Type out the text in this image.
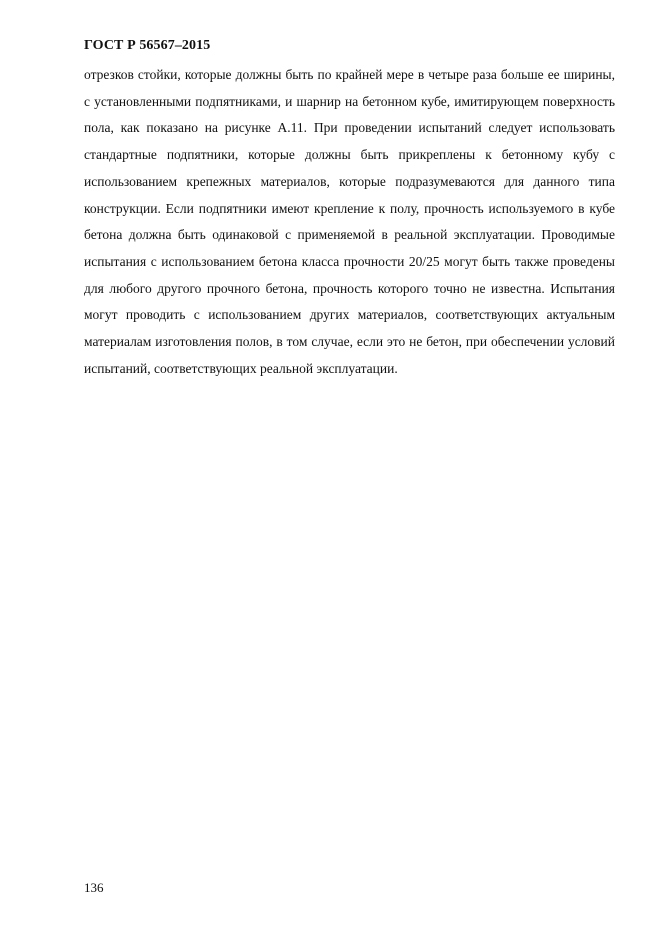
ГОСТ Р 56567–2015

отрезков стойки, которые должны быть по крайней мере в четыре раза больше ее ширины, с установленными подпятниками, и шарнир на бетонном кубе, имитирующем поверхность пола, как показано на рисунке А.11. При проведении испытаний следует использовать стандартные подпятники, которые должны быть прикреплены к бетонному кубу с использованием крепежных материалов, которые подразумеваются для данного типа конструкции. Если подпятники имеют крепление к полу, прочность используемого в кубе бетона должна быть одинаковой с применяемой в реальной эксплуатации. Проводимые испытания с использованием бетона класса прочности 20/25 могут быть также проведены для любого другого прочного бетона, прочность которого точно не известна. Испытания могут проводить с использованием других материалов, соответствующих актуальным материалам изготовления полов, в том случае, если это не бетон, при обеспечении условий испытаний, соответствующих реальной эксплуатации.

136
